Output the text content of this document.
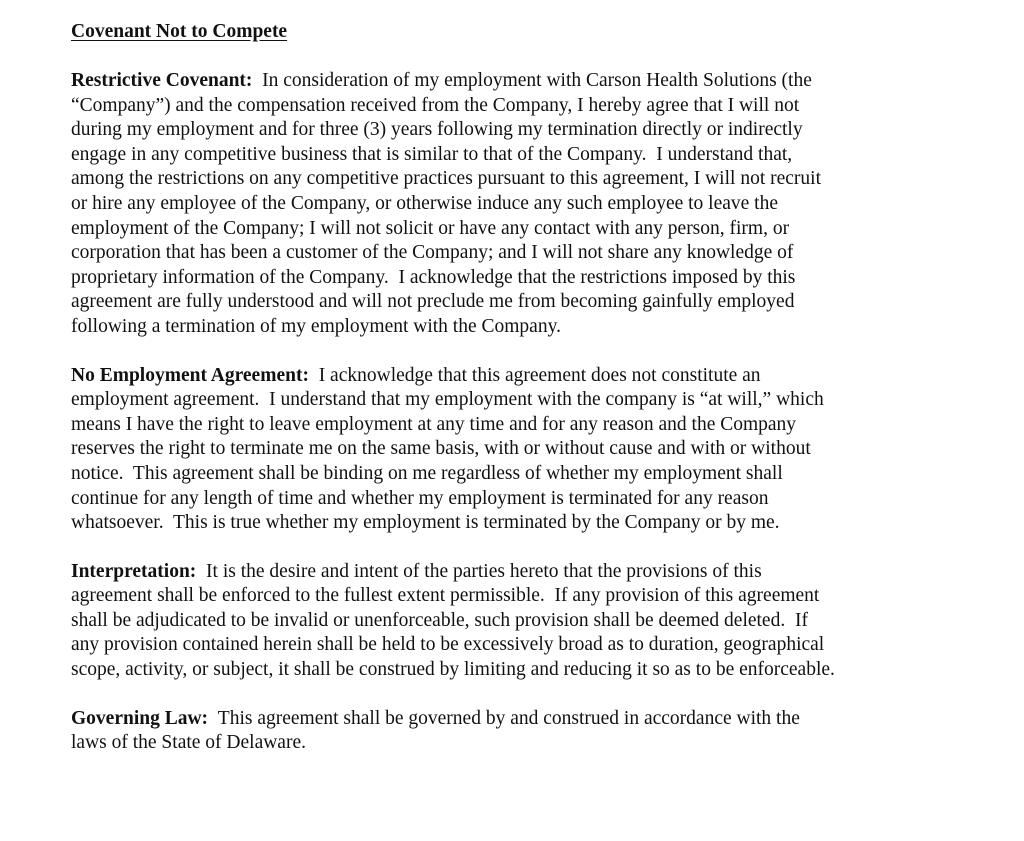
Covenant Not to Compete

Restrictive Covenant: In consideration of my employment with Carson Health Solutions (the
“Company”) and the compensation received from the Company, I hereby agree that I will not
during my employment and for three (3) years following my termination directly or indirectly
engage in any competitive business that is similar to that of the Company.  I understand that,
among the restrictions on any competitive practices pursuant to this agreement, I will not recruit
or hire any employee of the Company, or otherwise induce any such employee to leave the
employment of the Company; I will not solicit or have any contact with any person, firm, or
corporation that has been a customer of the Company; and I will not share any knowledge of
proprietary information of the Company.  I acknowledge that the restrictions imposed by this
agreement are fully understood and will not preclude me from becoming gainfully employed
following a termination of my employment with the Company.

No Employment Agreement: I acknowledge that this agreement does not constitute an
employment agreement.  I understand that my employment with the company is “at will,” which
means I have the right to leave employment at any time and for any reason and the Company
reserves the right to terminate me on the same basis, with or without cause and with or without
notice.  This agreement shall be binding on me regardless of whether my employment shall
continue for any length of time and whether my employment is terminated for any reason
whatsoever.  This is true whether my employment is terminated by the Company or by me.

Interpretation: It is the desire and intent of the parties hereto that the provisions of this
agreement shall be enforced to the fullest extent permissible.  If any provision of this agreement
shall be adjudicated to be invalid or unenforceable, such provision shall be deemed deleted.  If
any provision contained herein shall be held to be excessively broad as to duration, geographical
scope, activity, or subject, it shall be construed by limiting and reducing it so as to be enforceable.

Governing Law: This agreement shall be governed by and construed in accordance with the
laws of the State of Delaware.
